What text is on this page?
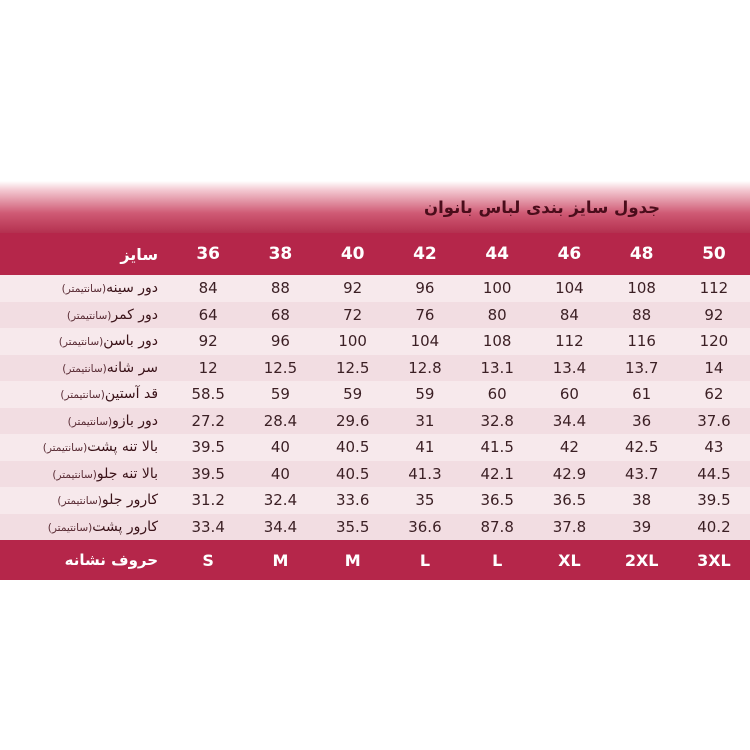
جدول سایز بندی لباس بانوان								

50	48	46	44	42	40	38	36	سایز
112	108	104	100	96	92	88	84	دور سینه(سانتیمتر)
92	88	84	80	76	72	68	64	دور کمر(سانتیمتر)
120	116	112	108	104	100	96	92	دور باسن(سانتیمتر)
14	13.7	13.4	13.1	12.8	12.5	12.5	12	سر شانه(سانتیمتر)
62	61	60	60	59	59	59	58.5	قد آستین(سانتیمتر)
37.6	36	34.4	32.8	31	29.6	28.4	27.2	دور بازو(سانتیمتر)
43	42.5	42	41.5	41	40.5	40	39.5	بالا تنه پشت(سانتیمتر)
44.5	43.7	42.9	42.1	41.3	40.5	40	39.5	بالا تنه جلو(سانتیمتر)
39.5	38	36.5	36.5	35	33.6	32.4	31.2	کارور جلو(سانتیمتر)
40.2	39	37.8	87.8	36.6	35.5	34.4	33.4	کارور پشت(سانتیمتر)
3XL	2XL	XL	L	L	M	M	S	حروف نشانه
